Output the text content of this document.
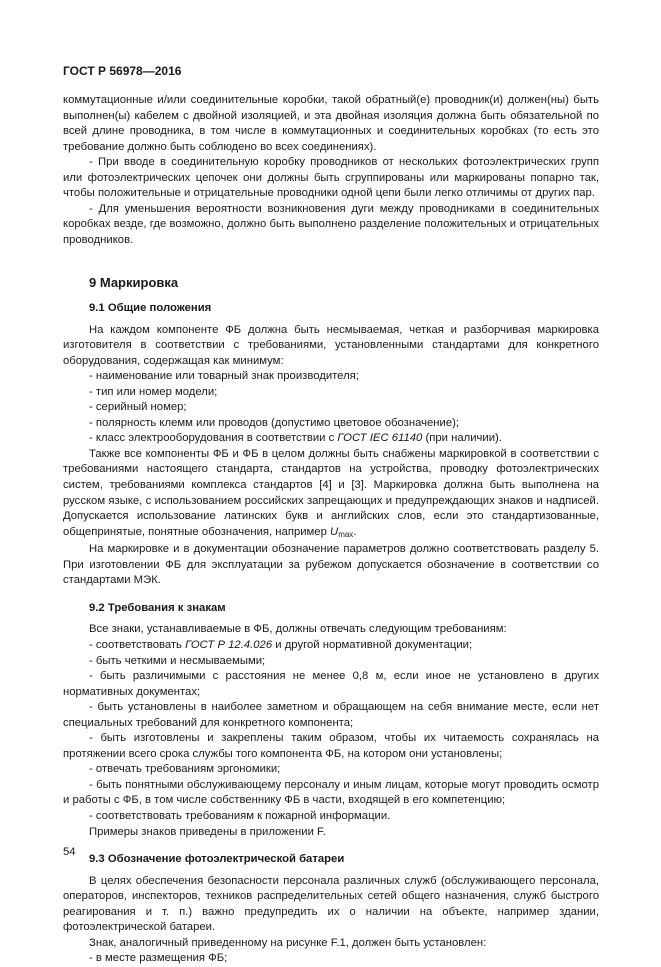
ГОСТ Р 56978—2016

коммутационные и/или соединительные коробки, такой обратный(е) проводник(и) должен(ны) быть выполнен(ы) кабелем с двойной изоляцией, и эта двойная изоляция должна быть обязательной по всей длине проводника, в том числе в коммутационных и соединительных коробках (то есть это требование должно быть соблюдено во всех соединениях).

- При вводе в соединительную коробку проводников от нескольких фотоэлектрических групп или фотоэлектрических цепочек они должны быть сгруппированы или маркированы попарно так, чтобы положительные и отрицательные проводники одной цепи были легко отличимы от других пар.

- Для уменьшения вероятности возникновения дуги между проводниками в соединительных коробках везде, где возможно, должно быть выполнено разделение положительных и отрицательных проводников.

9 Маркировка
9.1 Общие положения

На каждом компоненте ФБ должна быть несмываемая, четкая и разборчивая маркировка изготовителя в соответствии с требованиями, установленными стандартами для конкретного оборудования, содержащая как минимум:

- наименование или товарный знак производителя;

- тип или номер модели;

- серийный номер;

- полярность клемм или проводов (допустимо цветовое обозначение);

- класс электрооборудования в соответствии с ГОСТ IEC 61140 (при наличии).

Также все компоненты ФБ и ФБ в целом должны быть снабжены маркировкой в соответствии с требованиями настоящего стандарта, стандартов на устройства, проводку фотоэлектрических систем, требованиями комплекса стандартов [4] и [3]. Маркировка должна быть выполнена на русском языке, с использованием российских запрещающих и предупреждающих знаков и надписей. Допускается использование латинских букв и английских слов, если это стандартизованные, общепринятые, понятные обозначения, например $U_{max}$.

На маркировке и в документации обозначение параметров должно соответствовать разделу 5. При изготовлении ФБ для эксплуатации за рубежом допускается обозначение в соответствии со стандартами МЭК.

9.2 Требования к знакам

Все знаки, устанавливаемые в ФБ, должны отвечать следующим требованиям:

- соответствовать ГОСТ Р 12.4.026 и другой нормативной документации;

- быть четкими и несмываемыми;

- быть различимыми с расстояния не менее 0,8 м, если иное не установлено в других нормативных документах;

- быть установлены в наиболее заметном и обращающем на себя внимание месте, если нет специальных требований для конкретного компонента;

- быть изготовлены и закреплены таким образом, чтобы их читаемость сохранялась на протяжении всего срока службы того компонента ФБ, на котором они установлены;

- отвечать требованиям эргономики;

- быть понятными обслуживающему персоналу и иным лицам, которые могут проводить осмотр и работы с ФБ, в том числе собственнику ФБ в части, входящей в его компетенцию;

- соответствовать требованиям к пожарной информации.

Примеры знаков приведены в приложении F.

9.3 Обозначение фотоэлектрической батареи

В целях обеспечения безопасности персонала различных служб (обслуживающего персонала, операторов, инспекторов, техников распределительных сетей общего назначения, служб быстрого реагирования и т. п.) важно предупредить их о наличии на объекте, например здании, фотоэлектрической батареи.

Знак, аналогичный приведенному на рисунке F.1, должен быть установлен:

- в месте размещения ФБ;

54
